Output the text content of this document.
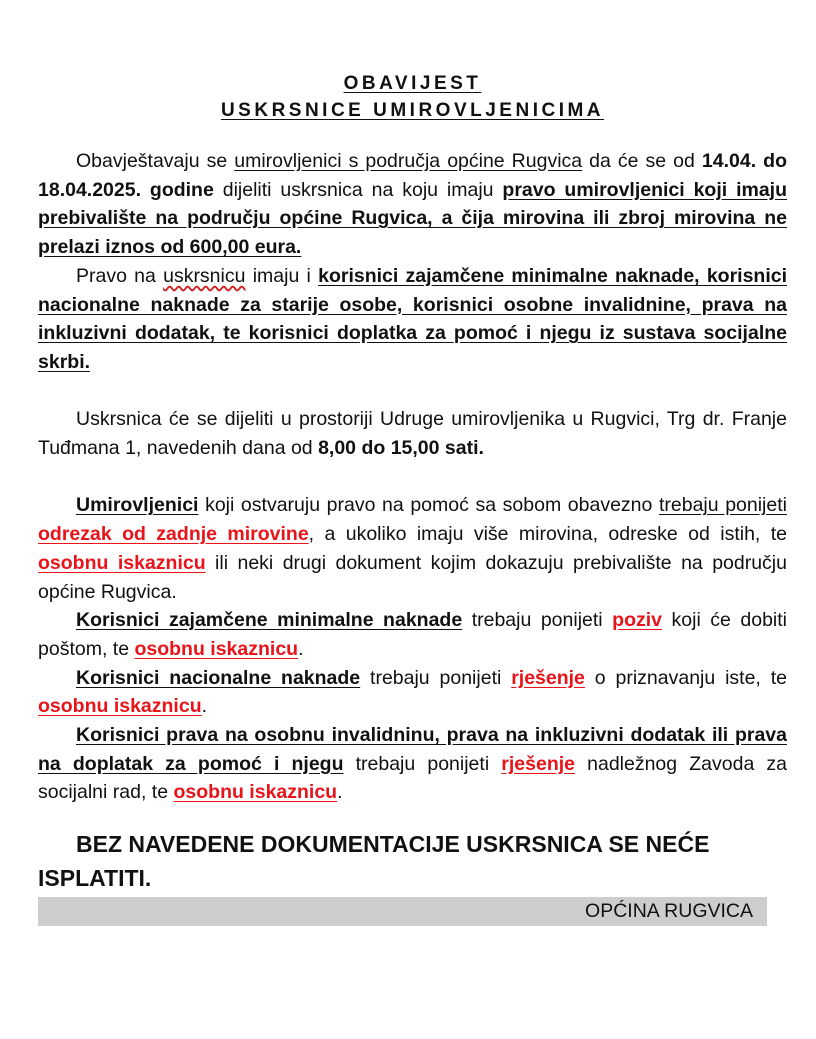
OBAVIJEST
USKRSNICE UMIROVLJENICIMA

Obavještavaju se umirovljenici s područja općine Rugvica da će se od 14.04. do 18.04.2025. godine dijeliti uskrsnica na koju imaju pravo umirovljenici koji imaju prebivalište na području općine Rugvica, a čija mirovina ili zbroj mirovina ne prelazi iznos od 600,00 eura.

Pravo na uskrsnicu imaju i korisnici zajamčene minimalne naknade, korisnici nacionalne naknade za starije osobe, korisnici osobne invalidnine, prava na inkluzivni dodatak, te korisnici doplatka za pomoć i njegu iz sustava socijalne skrbi.

Uskrsnica će se dijeliti u prostoriji Udruge umirovljenika u Rugvici, Trg dr. Franje Tuđmana 1, navedenih dana od 8,00 do 15,00 sati.

Umirovljenici koji ostvaruju pravo na pomoć sa sobom obavezno trebaju ponijeti odrezak od zadnje mirovine, a ukoliko imaju više mirovina, odreske od istih, te osobnu iskaznicu ili neki drugi dokument kojim dokazuju prebivalište na području općine Rugvica.

Korisnici zajamčene minimalne naknade trebaju ponijeti poziv koji će dobiti poštom, te osobnu iskaznicu.

Korisnici nacionalne naknade trebaju ponijeti rješenje o priznavanju iste, te osobnu iskaznicu.

Korisnici prava na osobnu invalidninu, prava na inkluzivni dodatak ili prava na doplatak za pomoć i njegu trebaju ponijeti rješenje nadležnog Zavoda za socijalni rad, te osobnu iskaznicu.

BEZ NAVEDENE DOKUMENTACIJE USKRSNICA SE NEĆE ISPLATITI.

OPĆINA RUGVICA
